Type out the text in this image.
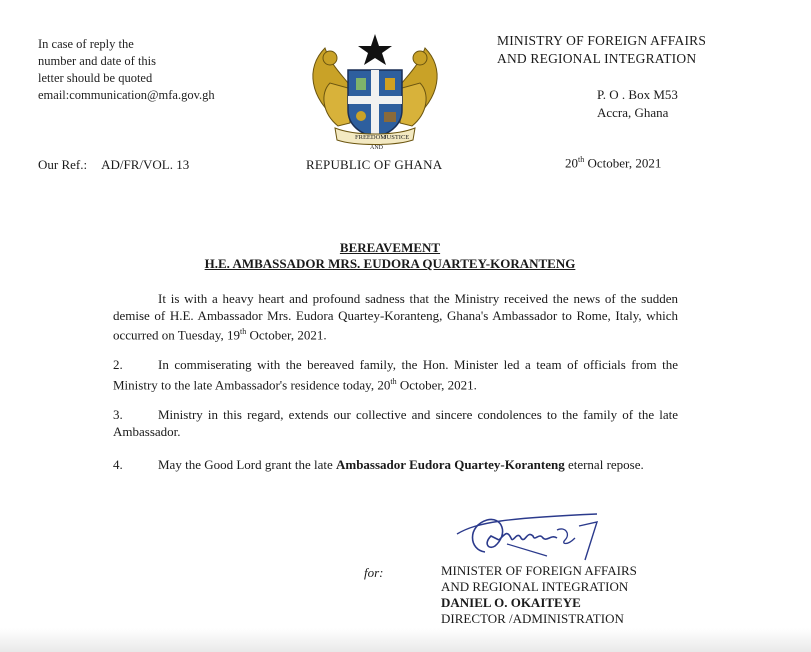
In case of reply the
number and date of this
letter should be quoted
email:communication@mfa.gov.gh
FREEDOM
JUSTICE
AND
MINISTRY OF FOREIGN AFFAIRS
AND REGIONAL INTEGRATION
P. O . Box M53
Accra, Ghana
Our Ref.: AD/FR/VOL. 13	REPUBLIC OF GHANA	20th October, 2021
BEREAVEMENT
H.E. AMBASSADOR MRS. EUDORA QUARTEY-KORANTENG
It is with a heavy heart and profound sadness that the Ministry received the news of the sudden demise of H.E. Ambassador Mrs. Eudora Quartey-Koranteng, Ghana's Ambassador to Rome, Italy, which occurred on Tuesday, 19th October, 2021.
2.	In commiserating with the bereaved family, the Hon. Minister led a team of officials from the Ministry to the late Ambassador's residence today, 20th October, 2021.
3.	Ministry in this regard, extends our collective and sincere condolences to the family of the late Ambassador.
4.	May the Good Lord grant the late Ambassador Eudora Quartey-Koranteng eternal repose.
for:	MINISTER OF FOREIGN AFFAIRS
AND REGIONAL INTEGRATION
DANIEL O. OKAITEYE
DIRECTOR /ADMINISTRATION
